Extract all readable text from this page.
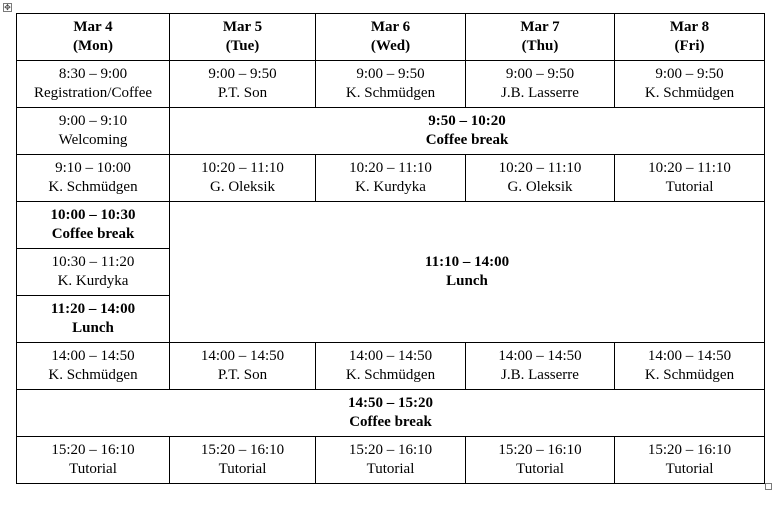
✥
Mar 4
(Mon)	Mar 5
(Tue)	Mar 6
(Wed)	Mar 7
(Thu)	Mar 8
(Fri)

8:30 – 9:00
Registration/Coffee	9:00 – 9:50
P.T. Son	9:00 – 9:50
K. Schmüdgen	9:00 – 9:50
J.B. Lasserre	9:00 – 9:50
K. Schmüdgen

9:00 – 9:10
Welcoming	9:50 – 10:20
Coffee break			

9:10 – 10:00
K. Schmüdgen	10:20 – 11:10
G. Oleksik	10:20 – 11:10
K. Kurdyka	10:20 – 11:10
G. Oleksik	10:20 – 11:10
Tutorial

10:00 – 10:30
Coffee break	11:10 – 14:00
Lunch			

10:30 – 11:20
K. Kurdyka				

11:20 – 14:00
Lunch				

14:00 – 14:50
K. Schmüdgen	14:00 – 14:50
P.T. Son	14:00 – 14:50
K. Schmüdgen	14:00 – 14:50
J.B. Lasserre	14:00 – 14:50
K. Schmüdgen

14:50 – 15:20
Coffee break				

15:20 – 16:10
Tutorial	15:20 – 16:10
Tutorial	15:20 – 16:10
Tutorial	15:20 – 16:10
Tutorial	15:20 – 16:10
Tutorial
